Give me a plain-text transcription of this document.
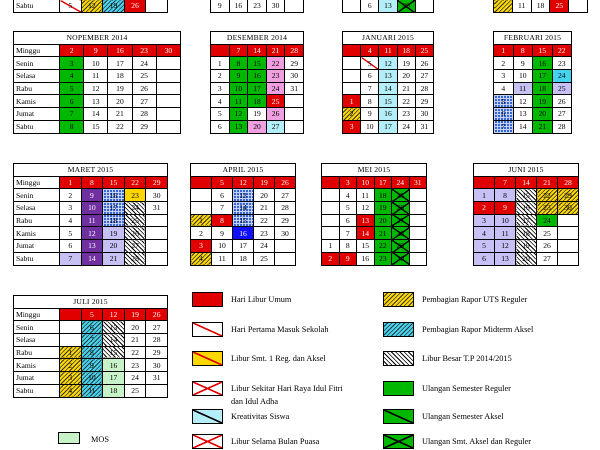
Sabtu	5	12	19	26		9	16	23	30	
		6	13	20	
		11	18	25	
NOPEMBER 2014					
Minggu	2	9	16	23	30
Senin	3	10	17	24	
Selasa	4	11	18	25	
Rabu	5	12	19	26	
Kamis	6	13	20	27	
Jumat	7	14	21	28	
Sabtu	8	15	22	29	
DESEMBER 2014				
	7	14	21	28
1	8	15	22	29
2	9	16	23	30
3	10	17	24	31
4	11	18	25	
5	12	19	26	
6	13	20	27	
JANUARI 2015				
	4	11	18	25
	5	12	19	26
	6	13	20	27
	7	14	21	28
1	8	15	22	29
2	9	16	23	30
3	10	17	24	31
FEBRUARI 2015			
1	8	15	22
2	9	16	23
3	10	17	24
4	11	18	25
5	12	19	26
6	13	20	27
7	14	21	28
MARET 2015					
Minggu	1	8	15	22	29
Senin	2	9	16	23	30
Selasa	3	10	17	24	31
Rabu	4	11	18	25	
Kamis	5	12	19	26	
Jumat	6	13	20	27	
Sabtu	7	14	21	28	
APRIL 2015				
	5	12	19	26
	6	13	20	27
	7	14	21	28
1	8	15	22	29
2	9	16	23	30
3	10	17	24	
4	11	18	25	
MEI 2015					
	3	10	17	24	31
	4	11	18	25	
	5	12	19	26	
	6	13	20	27	
	7	14	21	28	
1	8	15	22	29	
2	9	16	23	30	
JUNI 2015				
	7	14	21	28
1	8	15	22	29
2	9	16	23	30
3	10	17	24	
4	11	18	25	
5	12	19	26	
6	13	20	27	
JULI 2015					
Minggu		5	12	19	26
Senin		6	13	20	27
Selasa		7	14	21	28
Rabu	1	8	15	22	29
Kamis	2	9	16	23	30
Jumat	3	10	17	24	31
Sabtu	4	11	18	25	
Hari Libur Umum
Hari Pertama Masuk Sekolah
Libur Smt. 1 Reg. dan Aksel
Libur Sekitar Hari Raya Idul Fitri
dan Idul Adha
Kreativitas Siswa
Libur Selama Bulan Puasa
Pembagian Rapor UTS Reguler
Pembagian Rapor Midterm Aksel
Libur Besar T.P 2014/2015
Ulangan Semester Reguler
Ulangan Semester Aksel
Ulangan Smt. Aksel dan Reguler
MOS
